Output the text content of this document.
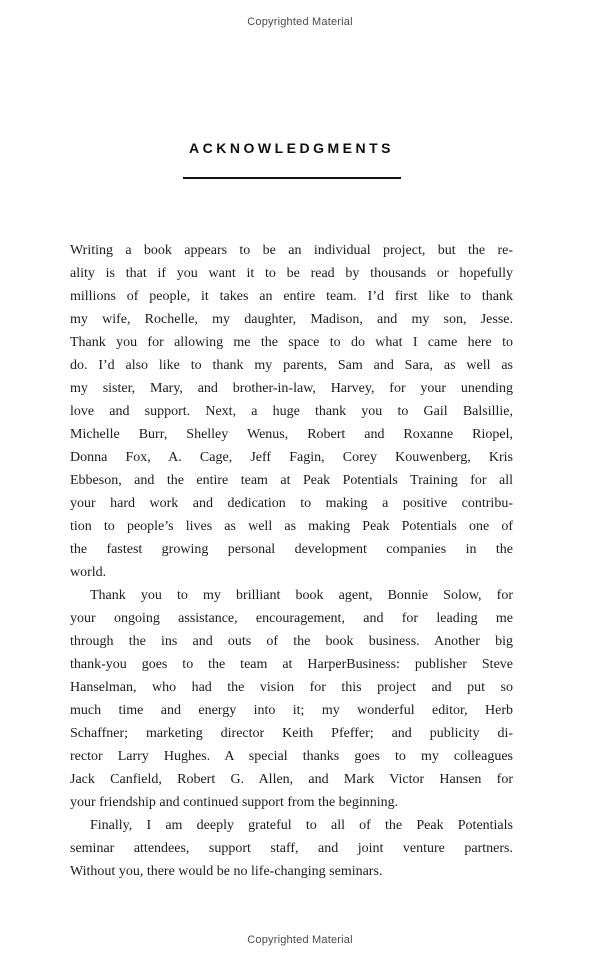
Copyrighted Material
ACKNOWLEDGMENTS
Writing a book appears to be an individual project, but the re-
ality is that if you want it to be read by thousands or hopefully
millions of people, it takes an entire team. I’d first like to thank
my wife, Rochelle, my daughter, Madison, and my son, Jesse.
Thank you for allowing me the space to do what I came here to
do. I’d also like to thank my parents, Sam and Sara, as well as
my sister, Mary, and brother-in-law, Harvey, for your unending
love and support. Next, a huge thank you to Gail Balsillie,
Michelle Burr, Shelley Wenus, Robert and Roxanne Riopel,
Donna Fox, A. Cage, Jeff Fagin, Corey Kouwenberg, Kris
Ebbeson, and the entire team at Peak Potentials Training for all
your hard work and dedication to making a positive contribu-
tion to people’s lives as well as making Peak Potentials one of
the fastest growing personal development companies in the
world.
Thank you to my brilliant book agent, Bonnie Solow, for
your ongoing assistance, encouragement, and for leading me
through the ins and outs of the book business. Another big
thank-you goes to the team at HarperBusiness: publisher Steve
Hanselman, who had the vision for this project and put so
much time and energy into it; my wonderful editor, Herb
Schaffner; marketing director Keith Pfeffer; and publicity di-
rector Larry Hughes. A special thanks goes to my colleagues
Jack Canfield, Robert G. Allen, and Mark Victor Hansen for
your friendship and continued support from the beginning.
Finally, I am deeply grateful to all of the Peak Potentials
seminar attendees, support staff, and joint venture partners.
Without you, there would be no life-changing seminars.
Copyrighted Material
